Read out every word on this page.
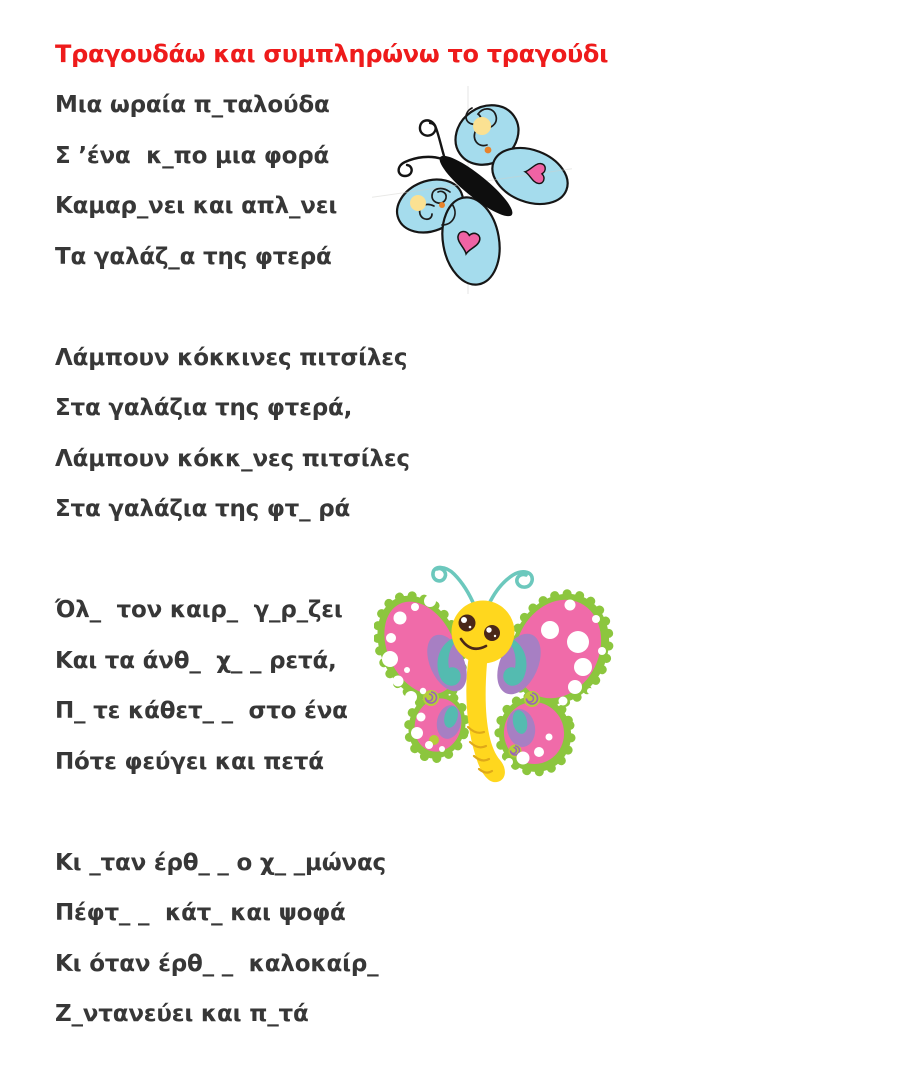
Τραγουδάω και συμπληρώνω το τραγούδι
Μια ωραία π_ταλούδα
Σ ’ένα  κ_πο μια φορά
Καμαρ_νει και απλ_νει
Τα γαλάζ_α της φτερά
Λάμπουν κόκκινες πιτσίλες
Στα γαλάζια της φτερά,
Λάμπουν κόκκ_νες πιτσίλες
Στα γαλάζια της φτ_ ρά
Όλ_  τον καιρ_  γ_ρ_ζει
Και τα άνθ_  χ_ _ ρετά,
Π_ τε κάθετ_ _  στο ένα
Πότε φεύγει και πετά
Κι _ταν έρθ_ _ ο χ_ _μώνας
Πέφτ_ _  κάτ_ και ψοφά
Κι όταν έρθ_ _  καλοκαίρ_
Ζ_ντανεύει και π_τά
